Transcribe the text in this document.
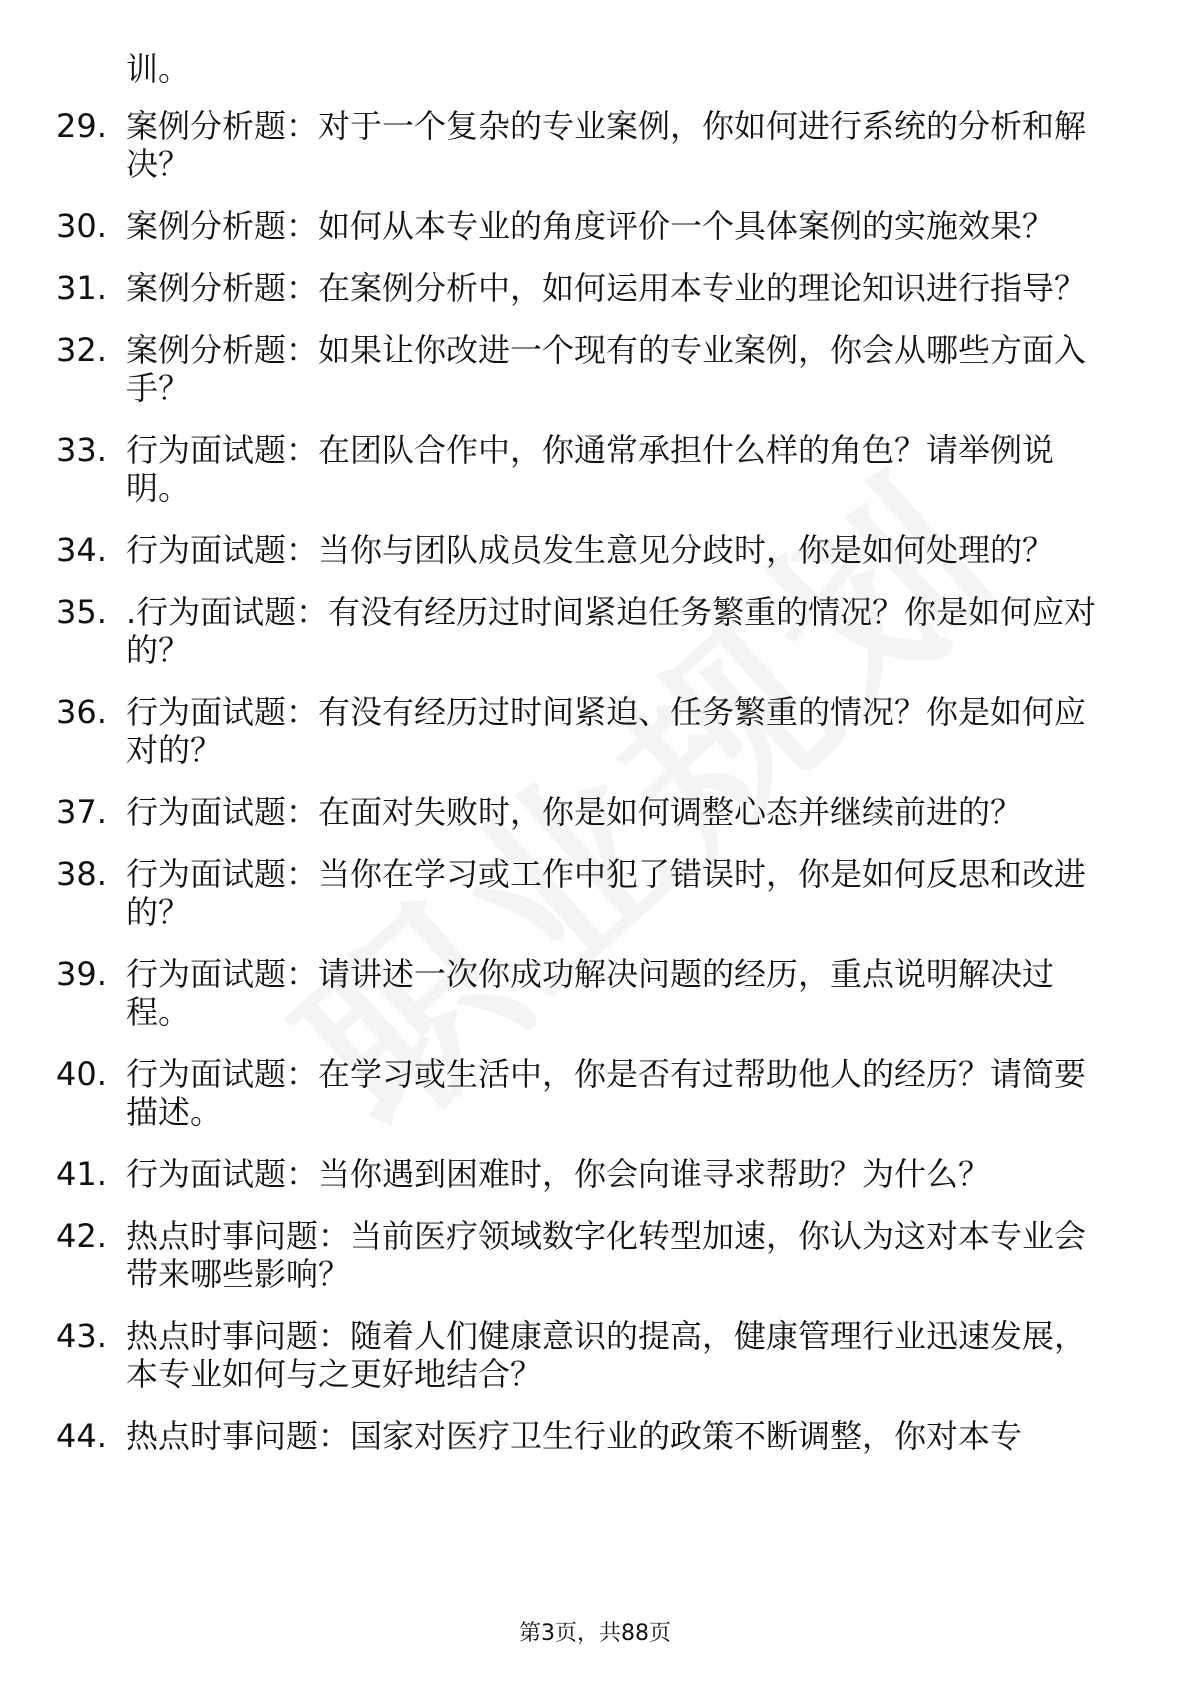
训。
29. 案例分析题：对于一个复杂的专业案例，你如何进行系统的分析和解决？
30. 案例分析题：如何从本专业的角度评价一个具体案例的实施效果？
31. 案例分析题：在案例分析中，如何运用本专业的理论知识进行指导？
32. 案例分析题：如果让你改进一个现有的专业案例，你会从哪些方面入手？
33. 行为面试题：在团队合作中，你通常承担什么样的角色？请举例说明。
34. 行为面试题：当你与团队成员发生意见分歧时，你是如何处理的？
35. .行为面试题：有没有经历过时间紧迫任务繁重的情况？你是如何应对的？
36. 行为面试题：有没有经历过时间紧迫、任务繁重的情况？你是如何应对的？
37. 行为面试题：在面对失败时，你是如何调整心态并继续前进的？
38. 行为面试题：当你在学习或工作中犯了错误时，你是如何反思和改进的？
39. 行为面试题：请讲述一次你成功解决问题的经历，重点说明解决过程。
40. 行为面试题：在学习或生活中，你是否有过帮助他人的经历？请简要描述。
41. 行为面试题：当你遇到困难时，你会向谁寻求帮助？为什么？
42. 热点时事问题：当前医疗领域数字化转型加速，你认为这对本专业会带来哪些影响？
43. 热点时事问题：随着人们健康意识的提高，健康管理行业迅速发展，本专业如何与之更好地结合？
44. 热点时事问题：国家对医疗卫生行业的政策不断调整，你对本专
第3页，共88页
